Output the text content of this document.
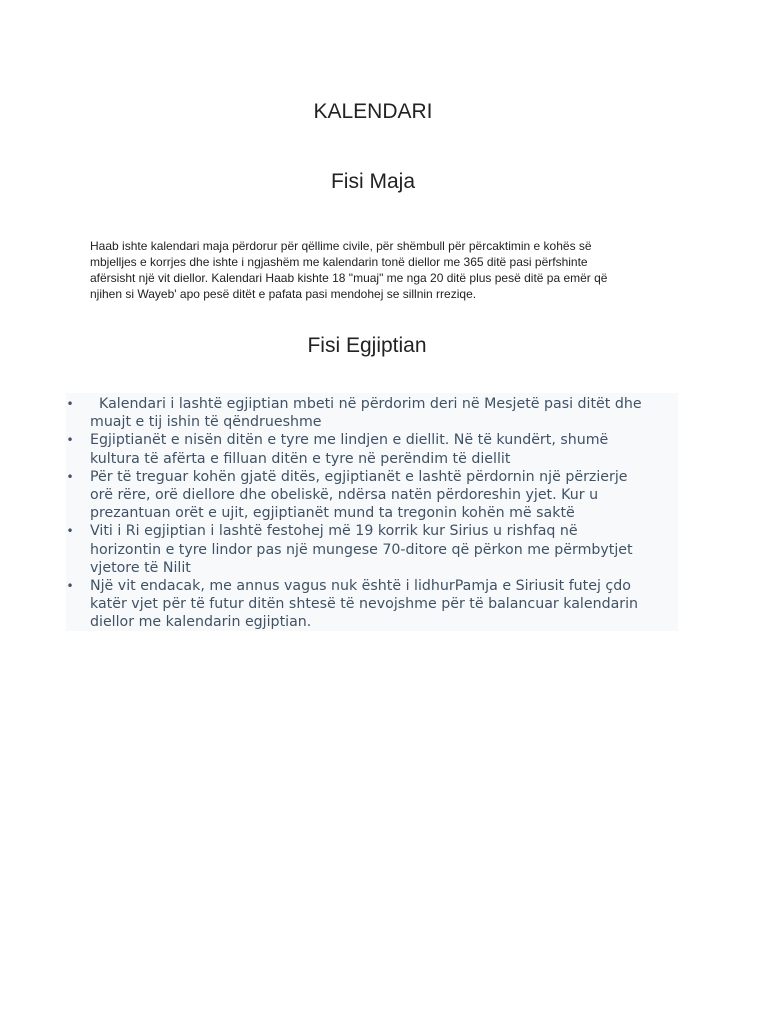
KALENDARI
Fisi Maja

Haab ishte kalendari maja përdorur për qëllime civile, për shëmbull për përcaktimin e kohës së
mbjelljes e korrjes dhe ishte i ngjashëm me kalendarin tonë diellor me 365 ditë pasi përfshinte
afërsisht një vit diellor. Kalendari Haab kishte 18 "muaj" me nga 20 ditë plus pesë ditë pa emër që
njihen si Wayeb' apo pesë ditët e pafata pasi mendohej se sillnin rreziqe.

Fisi Egjiptian
• Kalendari i lashtë egjiptian mbeti në përdorim deri në Mesjetë pasi ditët dhe
muajt e tij ishin të qëndrueshme
• Egjiptianët e nisën ditën e tyre me lindjen e diellit. Në të kundërt, shumë
kultura të afërta e filluan ditën e tyre në perëndim të diellit
• Për të treguar kohën gjatë ditës, egjiptianët e lashtë përdornin një përzierje
orë rëre, orë diellore dhe obeliskë, ndërsa natën përdoreshin yjet. Kur u
prezantuan orët e ujit, egjiptianët mund ta tregonin kohën më saktë
• Viti i Ri egjiptian i lashtë festohej më 19 korrik kur Sirius u rishfaq në
horizontin e tyre lindor pas një mungese 70-ditore që përkon me përmbytjet
vjetore të Nilit
• Një vit endacak, me annus vagus nuk është i lidhurPamja e Siriusit futej çdo
katër vjet për të futur ditën shtesë të nevojshme për të balancuar kalendarin
diellor me kalendarin egjiptian.
